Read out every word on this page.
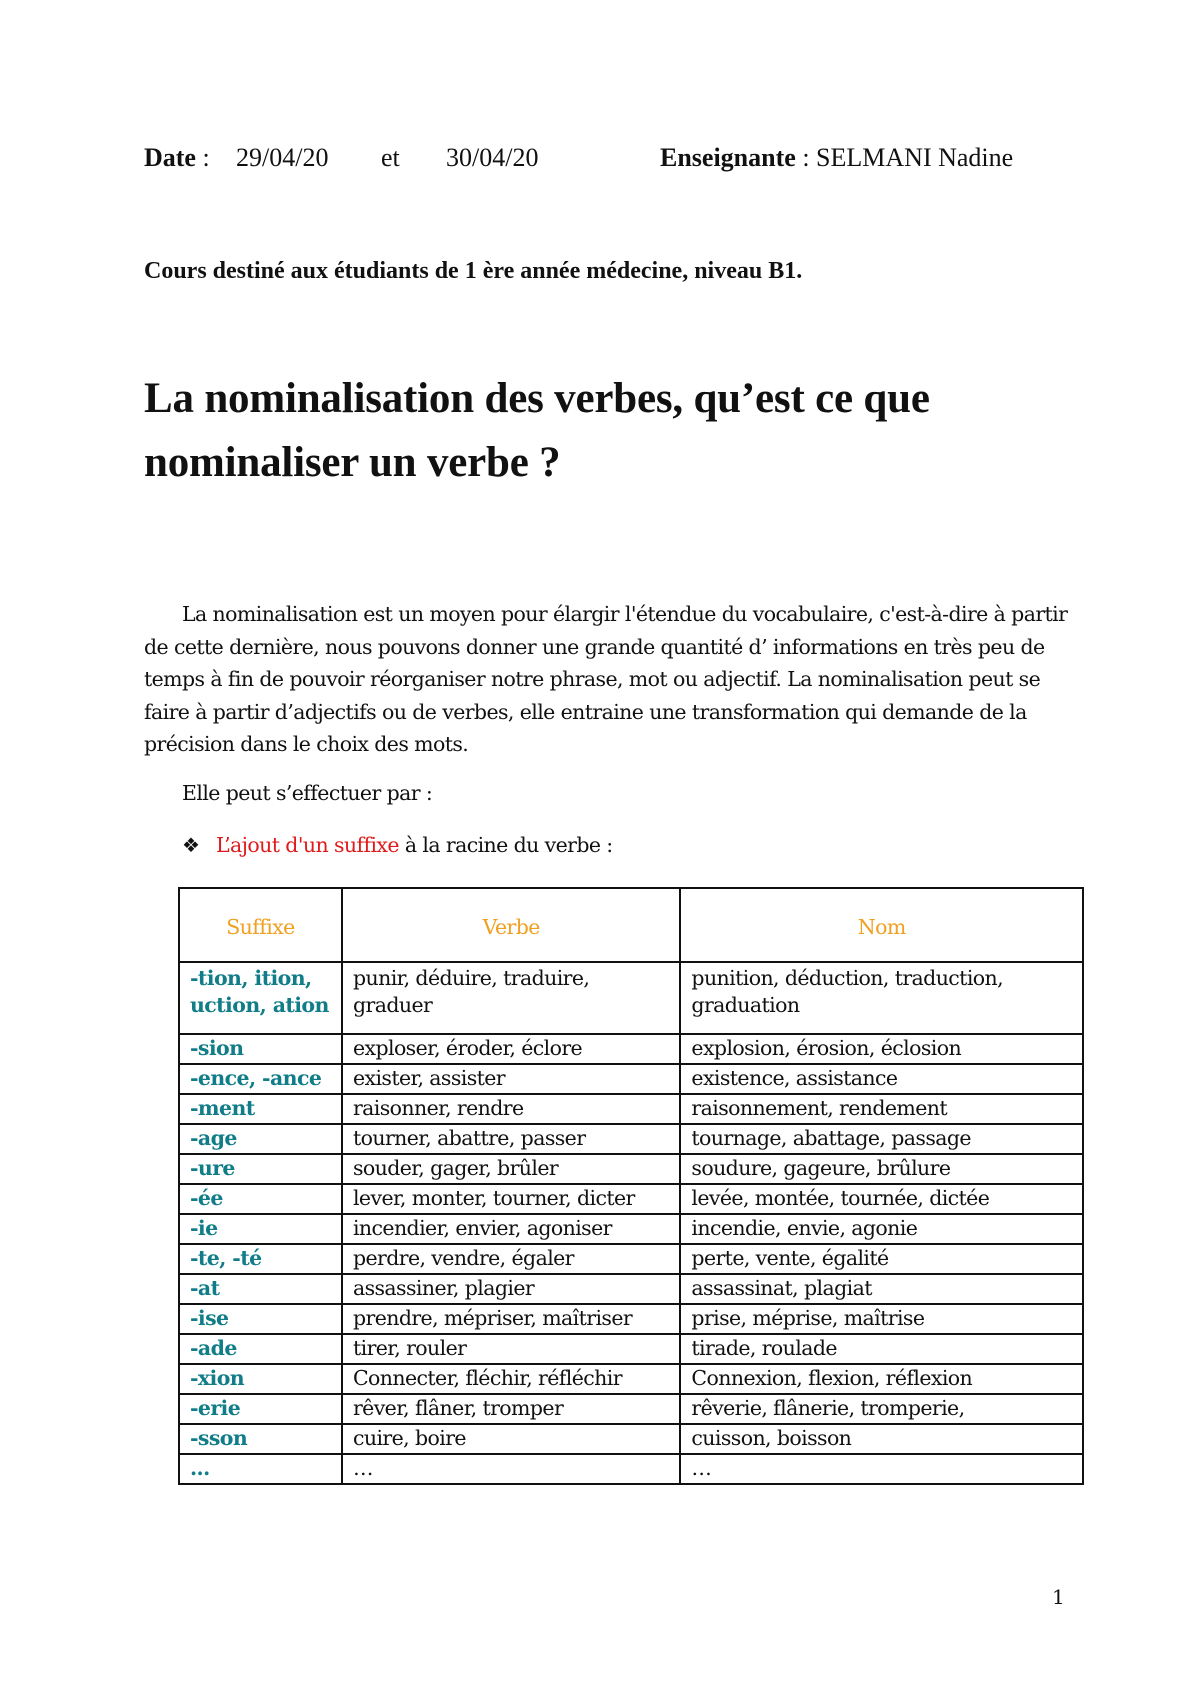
Date : 29/04/20 et 30/04/20	Enseignante : SELMANI Nadine
Cours destiné aux étudiants de 1 ère année médecine, niveau B1.
La nominalisation des verbes, qu’est ce que
nominaliser un verbe ?
La nominalisation est un moyen pour élargir l'étendue du vocabulaire, c'est-à-dire à partir
de cette dernière, nous pouvons donner une grande quantité d’ informations en très peu de
temps à fin de pouvoir réorganiser notre phrase, mot ou adjectif. La nominalisation peut se
faire à partir d’adjectifs ou de verbes, elle entraine une transformation qui demande de la
précision dans le choix des mots.
Elle peut s’effectuer par :
❖ L’ajout d'un suffixe à la racine du verbe :
Suffixe	Verbe	Nom
-tion, ition, uction, ation	punir, déduire, traduire, graduer	punition, déduction, traduction, graduation
-sion	exploser, éroder, éclore	explosion, érosion, éclosion
-ence, -ance	exister, assister	existence, assistance
-ment	raisonner, rendre	raisonnement, rendement
-age	tourner, abattre, passer	tournage, abattage, passage
-ure	souder, gager, brûler	soudure, gageure, brûlure
-ée	lever, monter, tourner, dicter	levée, montée, tournée, dictée
-ie	incendier, envier, agoniser	incendie, envie, agonie
-te, -té	perdre, vendre, égaler	perte, vente, égalité
-at	assassiner, plagier	assassinat, plagiat
-ise	prendre, mépriser, maîtriser	prise, méprise, maîtrise
-ade	tirer, rouler	tirade, roulade
-xion	Connecter, fléchir, réfléchir	Connexion, flexion, réflexion
-erie	rêver, flâner, tromper	rêverie, flânerie, tromperie,
-sson	cuire, boire	cuisson, boisson
...	…	…
1
